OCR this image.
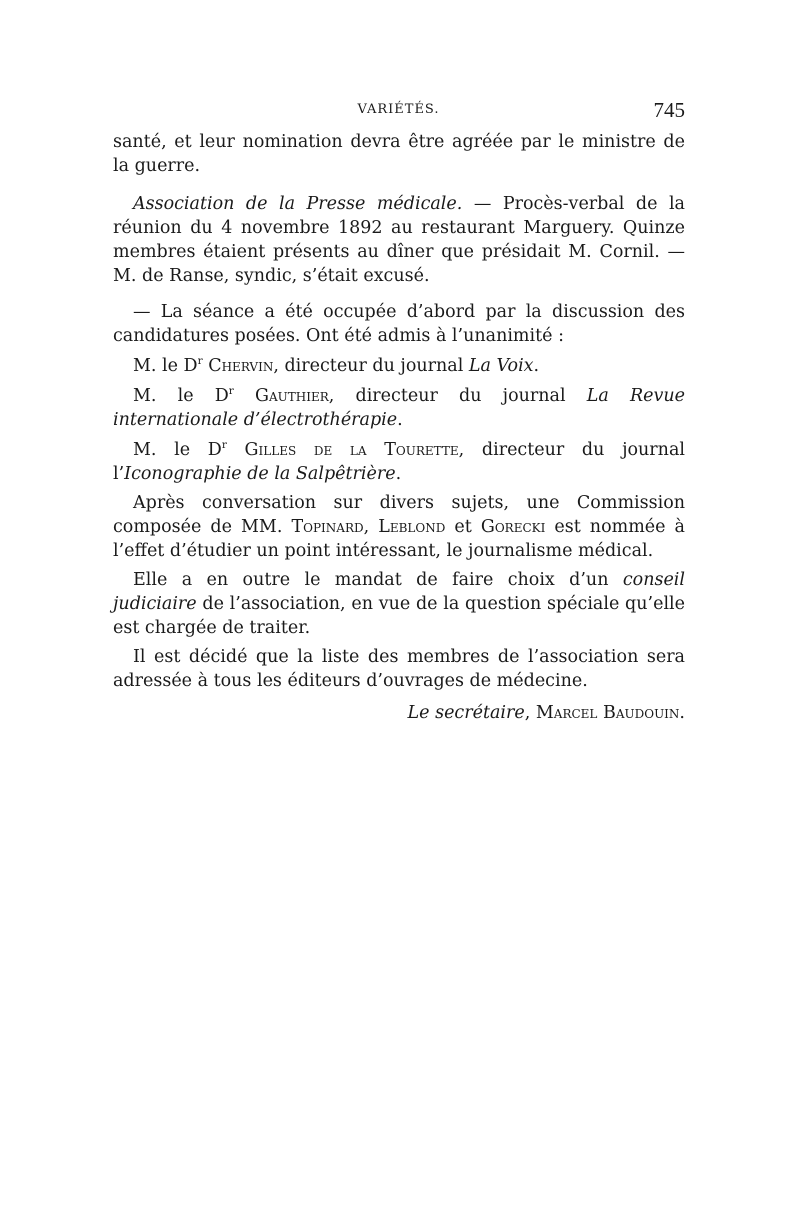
VARIÉTÉS.	745

santé, et leur nomination devra être agréée par le ministre de la guerre.

Association de la Presse médicale. — Procès-verbal de la réunion du 4 novembre 1892 au restaurant Marguery. Quinze membres étaient présents au dîner que présidait M. Cornil. — M. de Ranse, syndic, s’était excusé.

— La séance a été occupée d’abord par la discussion des candidatures posées. Ont été admis à l’unanimité :

M. le $D^r$ Chervin, directeur du journal La Voix.

M. le $D^r$ Gauthier, directeur du journal La Revue internationale d’électrothérapie.

M. le $D^r$ Gilles de la Tourette, directeur du journal l’Iconographie de la Salpêtrière.

Après conversation sur divers sujets, une Commission composée de MM. Topinard, Leblond et Gorecki est nommée à l’effet d’étudier un point intéressant, le journalisme médical.

Elle a en outre le mandat de faire choix d’un conseil judiciaire de l’association, en vue de la question spéciale qu’elle est chargée de traiter.

Il est décidé que la liste des membres de l’association sera adressée à tous les éditeurs d’ouvrages de médecine.

Le secrétaire, Marcel Baudouin.
